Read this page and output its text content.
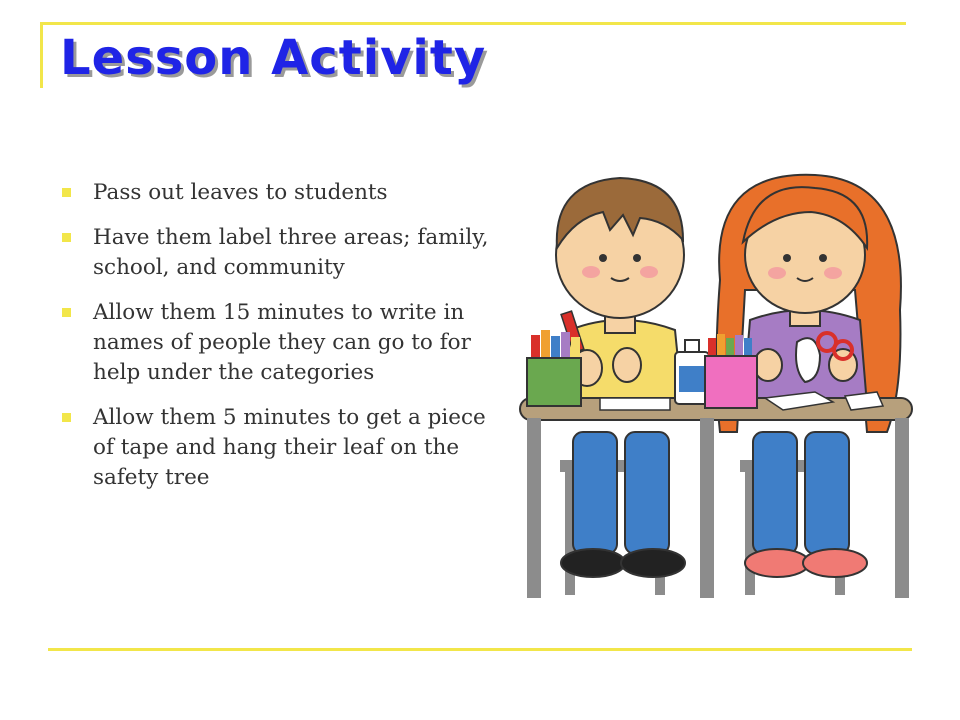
Lesson Activity
Pass out leaves to students
Have them label three areas; family, school, and community
Allow them 15 minutes to write in names of people they can go to for help under the categories
Allow them 5 minutes to get a piece of tape and hang their leaf on the safety tree
